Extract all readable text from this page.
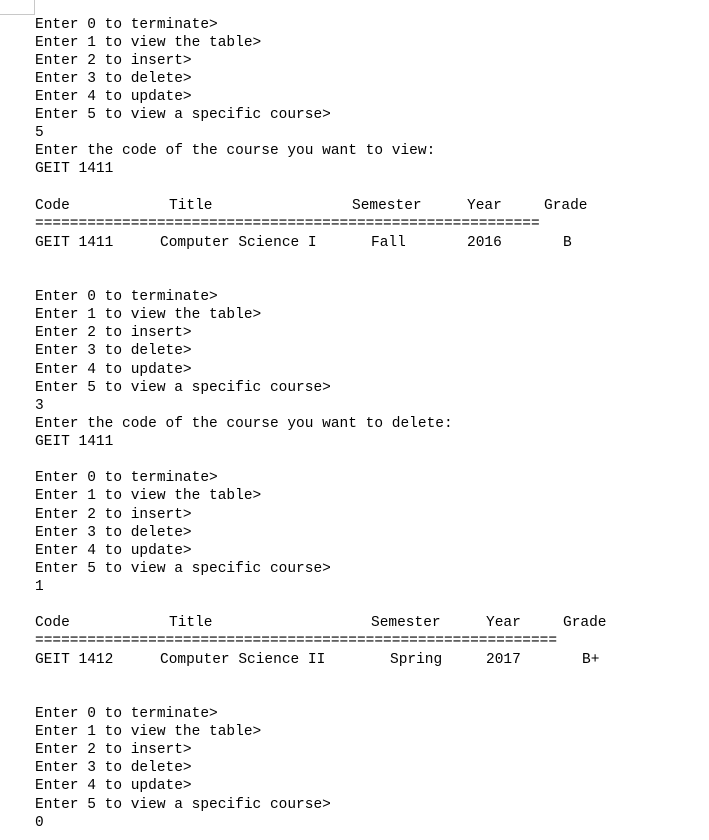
Enter 0 to terminate>
Enter 1 to view the table>
Enter 2 to insert>
Enter 3 to delete>
Enter 4 to update>
Enter 5 to view a specific course>
5
Enter the code of the course you want to view:
GEIT 1411
Code	Title	Semester	Year	Grade
==========================================================
GEIT 1411	Computer Science I	Fall	2016	B
Enter 0 to terminate>
Enter 1 to view the table>
Enter 2 to insert>
Enter 3 to delete>
Enter 4 to update>
Enter 5 to view a specific course>
3
Enter the code of the course you want to delete:
GEIT 1411
Enter 0 to terminate>
Enter 1 to view the table>
Enter 2 to insert>
Enter 3 to delete>
Enter 4 to update>
Enter 5 to view a specific course>
1
Code	Title	Semester	Year	Grade
============================================================
GEIT 1412	Computer Science II	Spring	2017	B+
Enter 0 to terminate>
Enter 1 to view the table>
Enter 2 to insert>
Enter 3 to delete>
Enter 4 to update>
Enter 5 to view a specific course>
0
